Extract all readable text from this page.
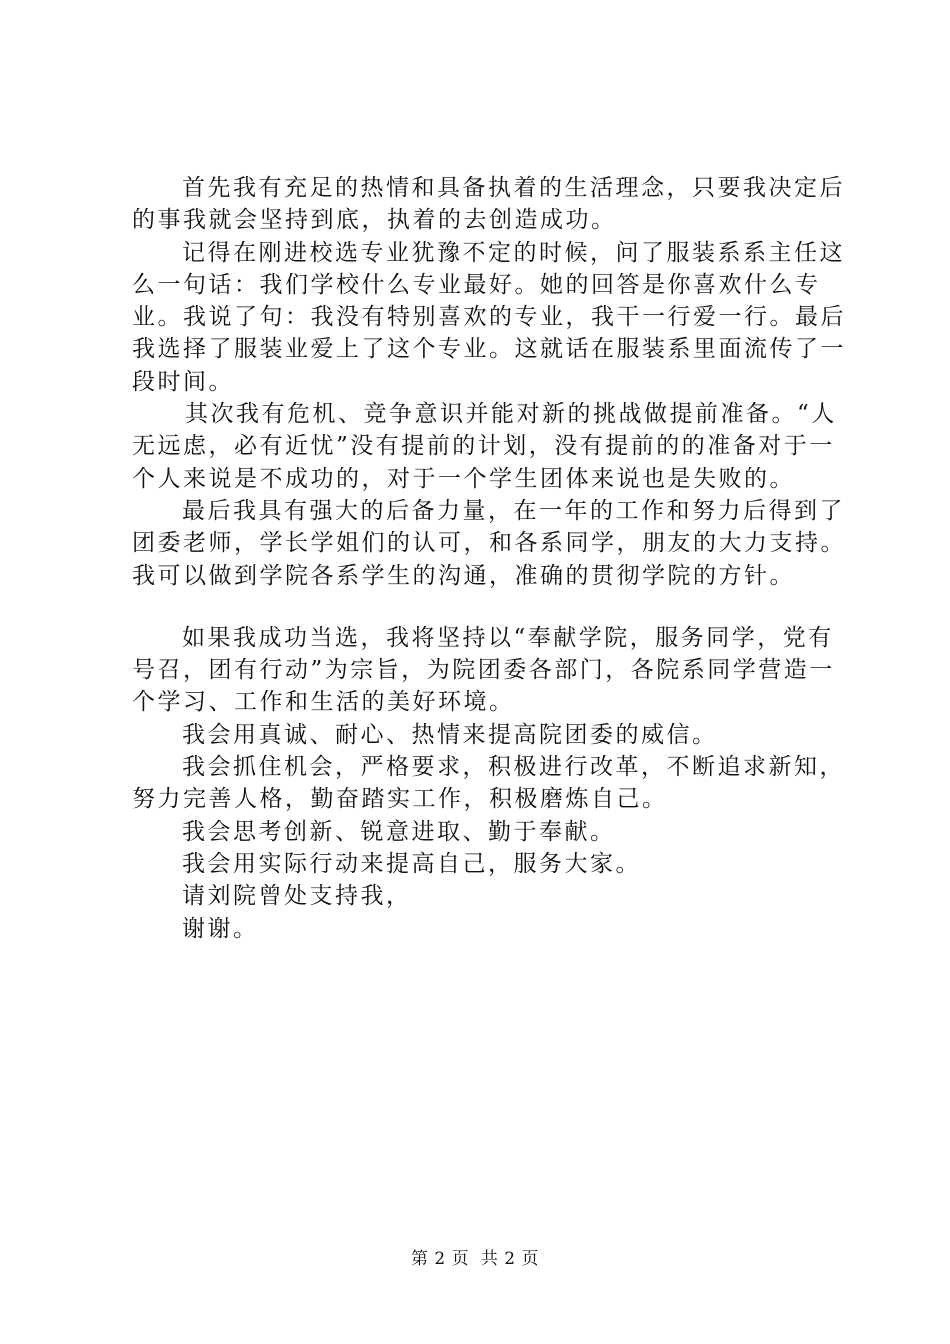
首先我有充足的热情和具备执着的生活理念，只要我决定后的事我就会坚持到底，执着的去创造成功。

记得在刚进校选专业犹豫不定的时候，问了服装系系主任这么一句话：我们学校什么专业最好。她的回答是你喜欢什么专业。我说了句：我没有特别喜欢的专业，我干一行爱一行。最后我选择了服装业爱上了这个专业。这就话在服装系里面流传了一段时间。

其次我有危机、竞争意识并能对新的挑战做提前准备。“人无远虑，必有近忧”没有提前的计划，没有提前的的准备对于一个人来说是不成功的，对于一个学生团体来说也是失败的。

最后我具有强大的后备力量，在一年的工作和努力后得到了团委老师，学长学姐们的认可，和各系同学，朋友的大力支持。我可以做到学院各系学生的沟通，准确的贯彻学院的方针。

如果我成功当选，我将坚持以“奉献学院，服务同学，党有号召，团有行动”为宗旨，为院团委各部门，各院系同学营造一个学习、工作和生活的美好环境。

我会用真诚、耐心、热情来提高院团委的威信。

我会抓住机会，严格要求，积极进行改革，不断追求新知，努力完善人格，勤奋踏实工作，积极磨炼自己。

我会思考创新、锐意进取、勤于奉献。

我会用实际行动来提高自己，服务大家。

请刘院曾处支持我，

谢谢。

第 2 页  共 2 页
